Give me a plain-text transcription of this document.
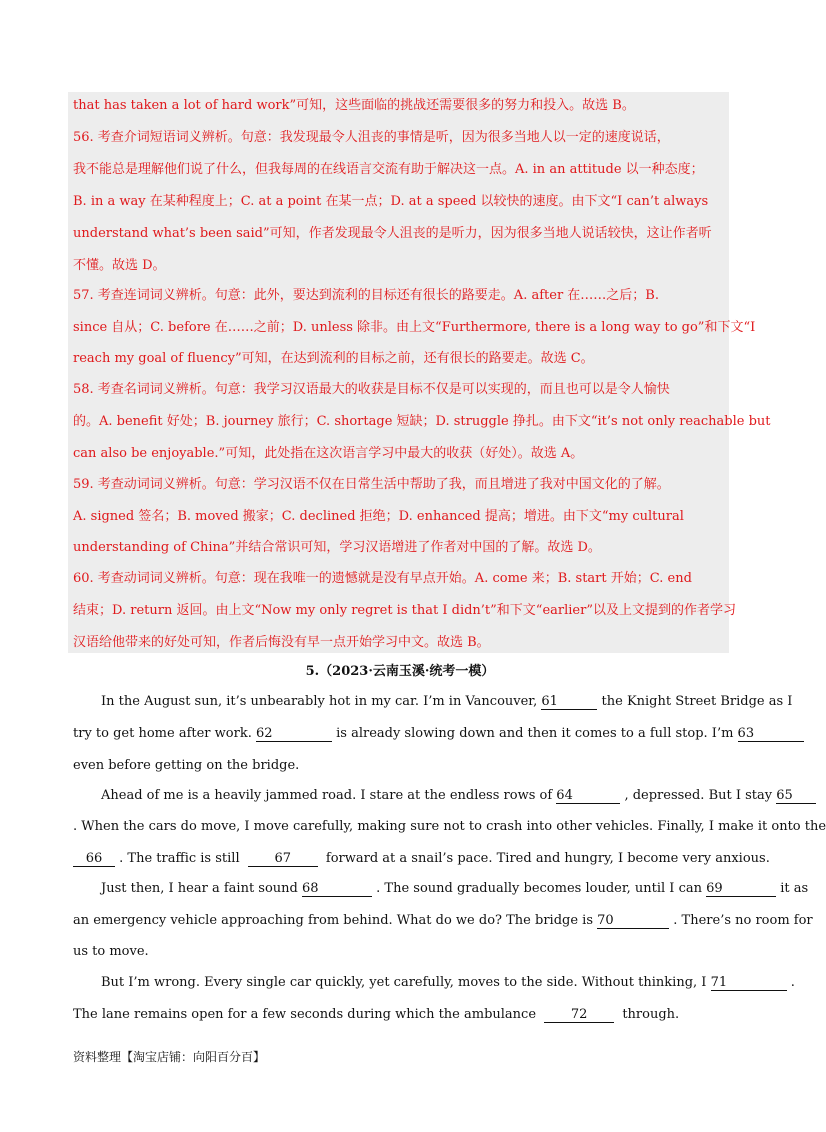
that has taken a lot of hard work”可知，这些面临的挑战还需要很多的努力和投入。故选 B。
56. 考查介词短语词义辨析。句意：我发现最令人沮丧的事情是听，因为很多当地人以一定的速度说话，
我不能总是理解他们说了什么，但我每周的在线语言交流有助于解决这一点。A. in an attitude 以一种态度；
B. in a way 在某种程度上；C. at a point 在某一点；D. at a speed 以较快的速度。由下文“I can’t always
understand what’s been said”可知，作者发现最令人沮丧的是听力，因为很多当地人说话较快，这让作者听
不懂。故选 D。
57. 考查连词词义辨析。句意：此外，要达到流利的目标还有很长的路要走。A. after 在……之后；B.
since 自从；C. before 在……之前；D. unless 除非。由上文“Furthermore, there is a long way to go”和下文“I
reach my goal of fluency”可知，在达到流利的目标之前，还有很长的路要走。故选 C。
58. 考查名词词义辨析。句意：我学习汉语最大的收获是目标不仅是可以实现的，而且也可以是令人愉快
的。A. benefit 好处；B. journey 旅行；C. shortage 短缺；D. struggle 挣扎。由下文“it’s not only reachable but
can also be enjoyable.”可知，此处指在这次语言学习中最大的收获（好处）。故选 A。
59. 考查动词词义辨析。句意：学习汉语不仅在日常生活中帮助了我，而且增进了我对中国文化的了解。
A. signed 签名；B. moved 搬家；C. declined 拒绝；D. enhanced 提高；增进。由下文“my cultural
understanding of China”并结合常识可知，学习汉语增进了作者对中国的了解。故选 D。
60. 考查动词词义辨析。句意：现在我唯一的遗憾就是没有早点开始。A. come 来；B. start 开始；C. end
结束；D. return 返回。由上文“Now my only regret is that I didn’t”和下文“earlier”以及上文提到的作者学习
汉语给他带来的好处可知，作者后悔没有早一点开始学习中文。故选 B。
5.（2023·云南玉溪·统考一模）
In the August sun, it’s unbearably hot in my car. I’m in Vancouver, 61	the Knight Street Bridge as I
try to get home after work. 62	is already slowing down and then it comes to a full stop. I’m 63
even before getting on the bridge.
Ahead of me is a heavily jammed road. I stare at the endless rows of 64	, depressed. But I stay 65
. When the cars do move, I move carefully, making sure not to crash into other vehicles. Finally, I make it onto the
66 . The traffic is still	67	forward at a snail’s pace. Tired and hungry, I become very anxious.
Just then, I hear a faint sound 68	. The sound gradually becomes louder, until I can 69	it as
an emergency vehicle approaching from behind. What do we do? The bridge is 70	. There’s no room for
us to move.
But I’m wrong. Every single car quickly, yet carefully, moves to the side. Without thinking, I 71	.
The lane remains open for a few seconds during which the ambulance	72	through.
资料整理【淘宝店铺：向阳百分百】
